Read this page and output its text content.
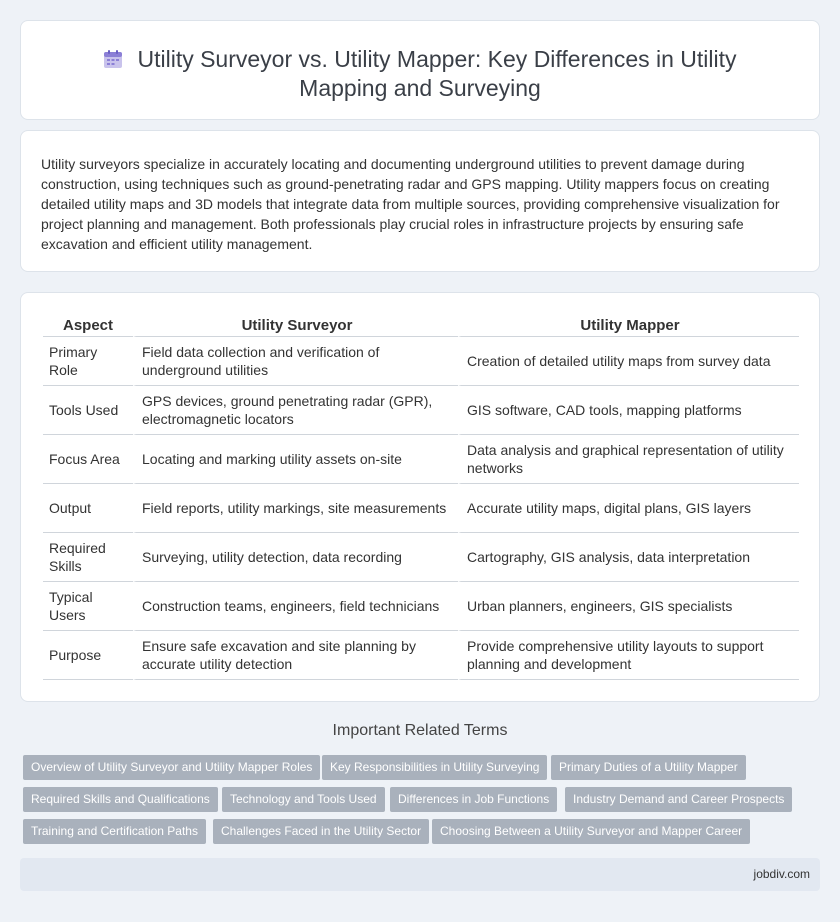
Utility Surveyor vs. Utility Mapper: Key Differences in Utility Mapping and Surveying

Utility surveyors specialize in accurately locating and documenting underground utilities to prevent damage during construction, using techniques such as ground-penetrating radar and GPS mapping. Utility mappers focus on creating detailed utility maps and 3D models that integrate data from multiple sources, providing comprehensive visualization for project planning and management. Both professionals play crucial roles in infrastructure projects by ensuring safe excavation and efficient utility management.

Aspect	Utility Surveyor	Utility Mapper
Primary Role	Field data collection and verification of underground utilities	Creation of detailed utility maps from survey data
Tools Used	GPS devices, ground penetrating radar (GPR), electromagnetic locators	GIS software, CAD tools, mapping platforms
Focus Area	Locating and marking utility assets on-site	Data analysis and graphical representation of utility networks
Output	Field reports, utility markings, site measurements	Accurate utility maps, digital plans, GIS layers
Required Skills	Surveying, utility detection, data recording	Cartography, GIS analysis, data interpretation
Typical Users	Construction teams, engineers, field technicians	Urban planners, engineers, GIS specialists
Purpose	Ensure safe excavation and site planning by accurate utility detection	Provide comprehensive utility layouts to support planning and development
Important Related Terms
Overview of Utility Surveyor and Utility Mapper Roles	Key Responsibilities in Utility Surveying	Primary Duties of a Utility Mapper
Required Skills and Qualifications	Technology and Tools Used	Differences in Job Functions	Industry Demand and Career Prospects
Training and Certification Paths	Challenges Faced in the Utility Sector	Choosing Between a Utility Surveyor and Mapper Career
jobdiv.com
